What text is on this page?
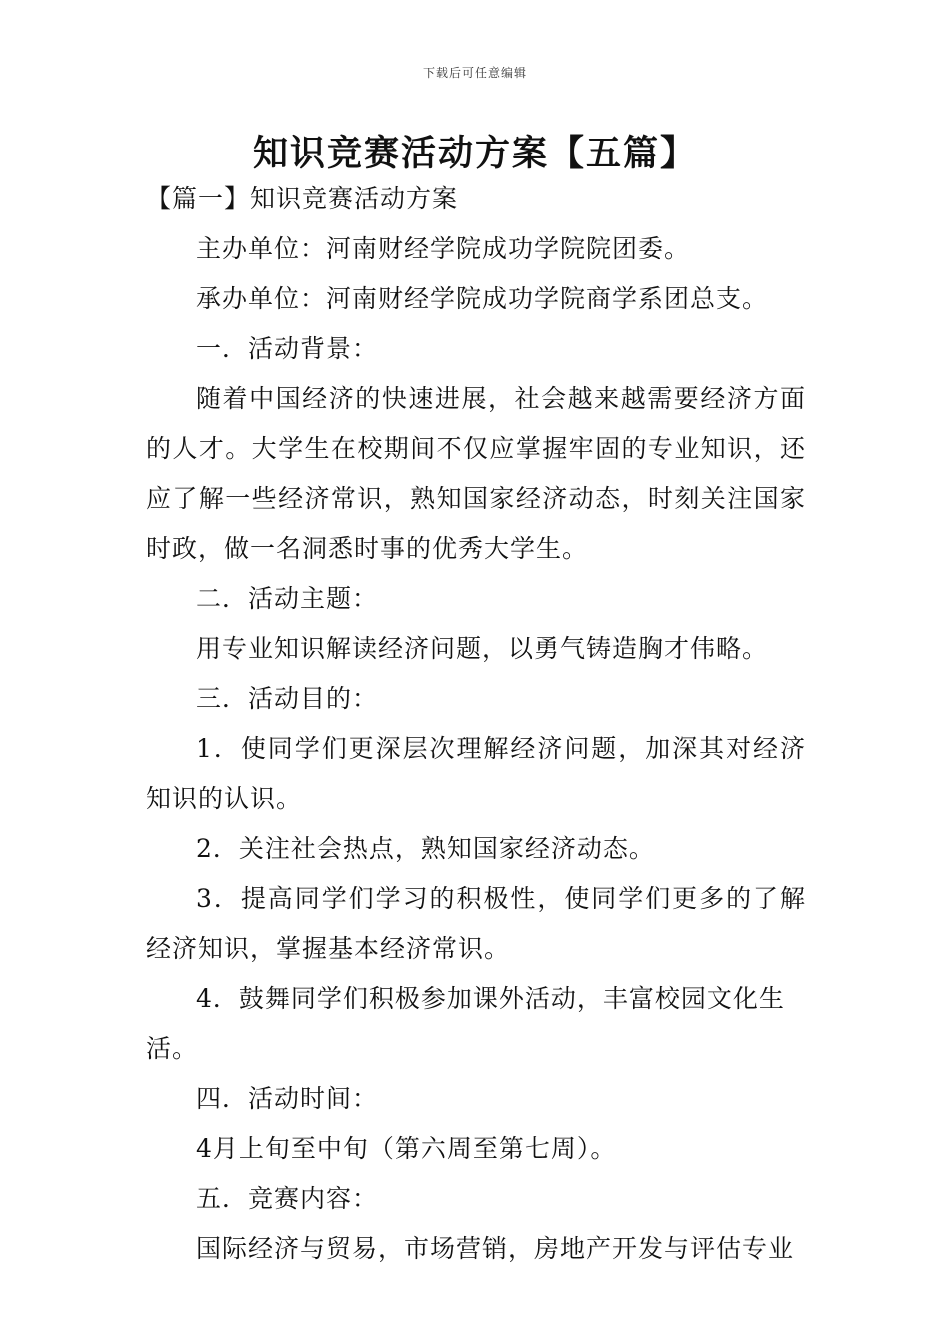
下载后可任意编辑
知识竞赛活动方案【五篇】

【篇一】知识竞赛活动方案

主办单位：河南财经学院成功学院院团委。

承办单位：河南财经学院成功学院商学系团总支。

一．活动背景：

随着中国经济的快速进展，社会越来越需要经济方面的人才。大学生在校期间不仅应掌握牢固的专业知识，还应了解一些经济常识，熟知国家经济动态，时刻关注国家时政，做一名洞悉时事的优秀大学生。

二．活动主题：

用专业知识解读经济问题，以勇气铸造胸才伟略。

三．活动目的：

1．使同学们更深层次理解经济问题，加深其对经济知识的认识。

2．关注社会热点，熟知国家经济动态。

3．提高同学们学习的积极性，使同学们更多的了解经济知识，掌握基本经济常识。

4．鼓舞同学们积极参加课外活动，丰富校园文化生活。

四．活动时间：

4月上旬至中旬（第六周至第七周）。

五．竞赛内容：

国际经济与贸易，市场营销，房地产开发与评估专业
